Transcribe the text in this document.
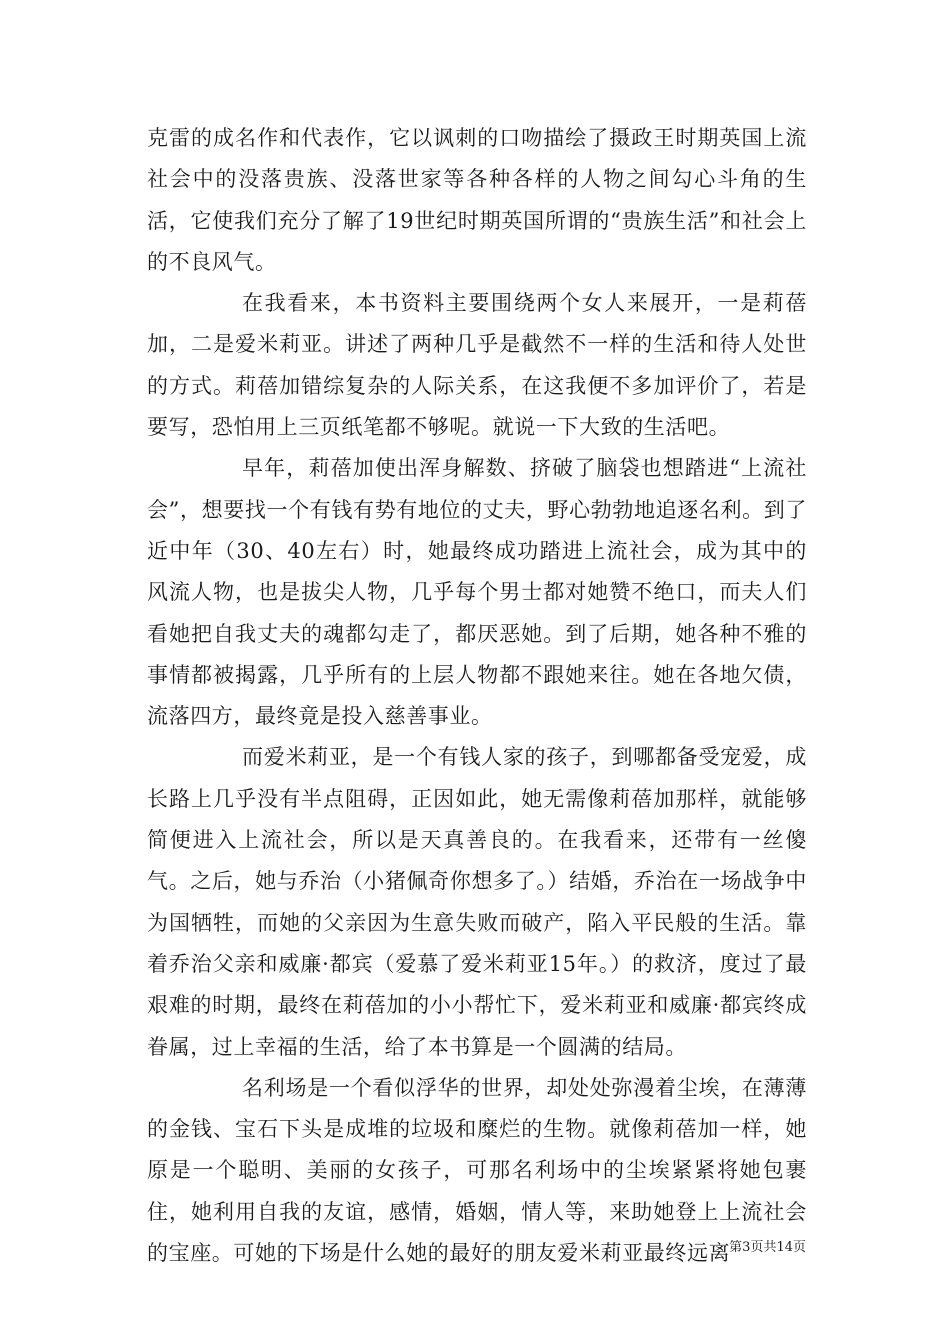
克雷的成名作和代表作，它以讽刺的口吻描绘了摄政王时期英国上流社会中的没落贵族、没落世家等各种各样的人物之间勾心斗角的生活，它使我们充分了解了19世纪时期英国所谓的“贵族生活”和社会上的不良风气。

在我看来，本书资料主要围绕两个女人来展开，一是莉蓓加，二是爱米莉亚。讲述了两种几乎是截然不一样的生活和待人处世的方式。莉蓓加错综复杂的人际关系，在这我便不多加评价了，若是要写，恐怕用上三页纸笔都不够呢。就说一下大致的生活吧。

早年，莉蓓加使出浑身解数、挤破了脑袋也想踏进“上流社会”，想要找一个有钱有势有地位的丈夫，野心勃勃地追逐名利。到了近中年（30、40左右）时，她最终成功踏进上流社会，成为其中的风流人物，也是拔尖人物，几乎每个男士都对她赞不绝口，而夫人们看她把自我丈夫的魂都勾走了，都厌恶她。到了后期，她各种不雅的事情都被揭露，几乎所有的上层人物都不跟她来往。她在各地欠债，流落四方，最终竟是投入慈善事业。

而爱米莉亚，是一个有钱人家的孩子，到哪都备受宠爱，成长路上几乎没有半点阻碍，正因如此，她无需像莉蓓加那样，就能够简便进入上流社会，所以是天真善良的。在我看来，还带有一丝傻气。之后，她与乔治（小猪佩奇你想多了。）结婚，乔治在一场战争中为国牺牲，而她的父亲因为生意失败而破产，陷入平民般的生活。靠着乔治父亲和威廉·都宾（爱慕了爱米莉亚15年。）的救济，度过了最艰难的时期，最终在莉蓓加的小小帮忙下，爱米莉亚和威廉·都宾终成眷属，过上幸福的生活，给了本书算是一个圆满的结局。

名利场是一个看似浮华的世界，却处处弥漫着尘埃，在薄薄的金钱、宝石下头是成堆的垃圾和糜烂的生物。就像莉蓓加一样，她原是一个聪明、美丽的女孩子，可那名利场中的尘埃紧紧将她包裹住，她利用自我的友谊，感情，婚姻，情人等，来助她登上上流社会的宝座。可她的下场是什么她的最好的朋友爱米莉亚最终远离

第3页共14页
